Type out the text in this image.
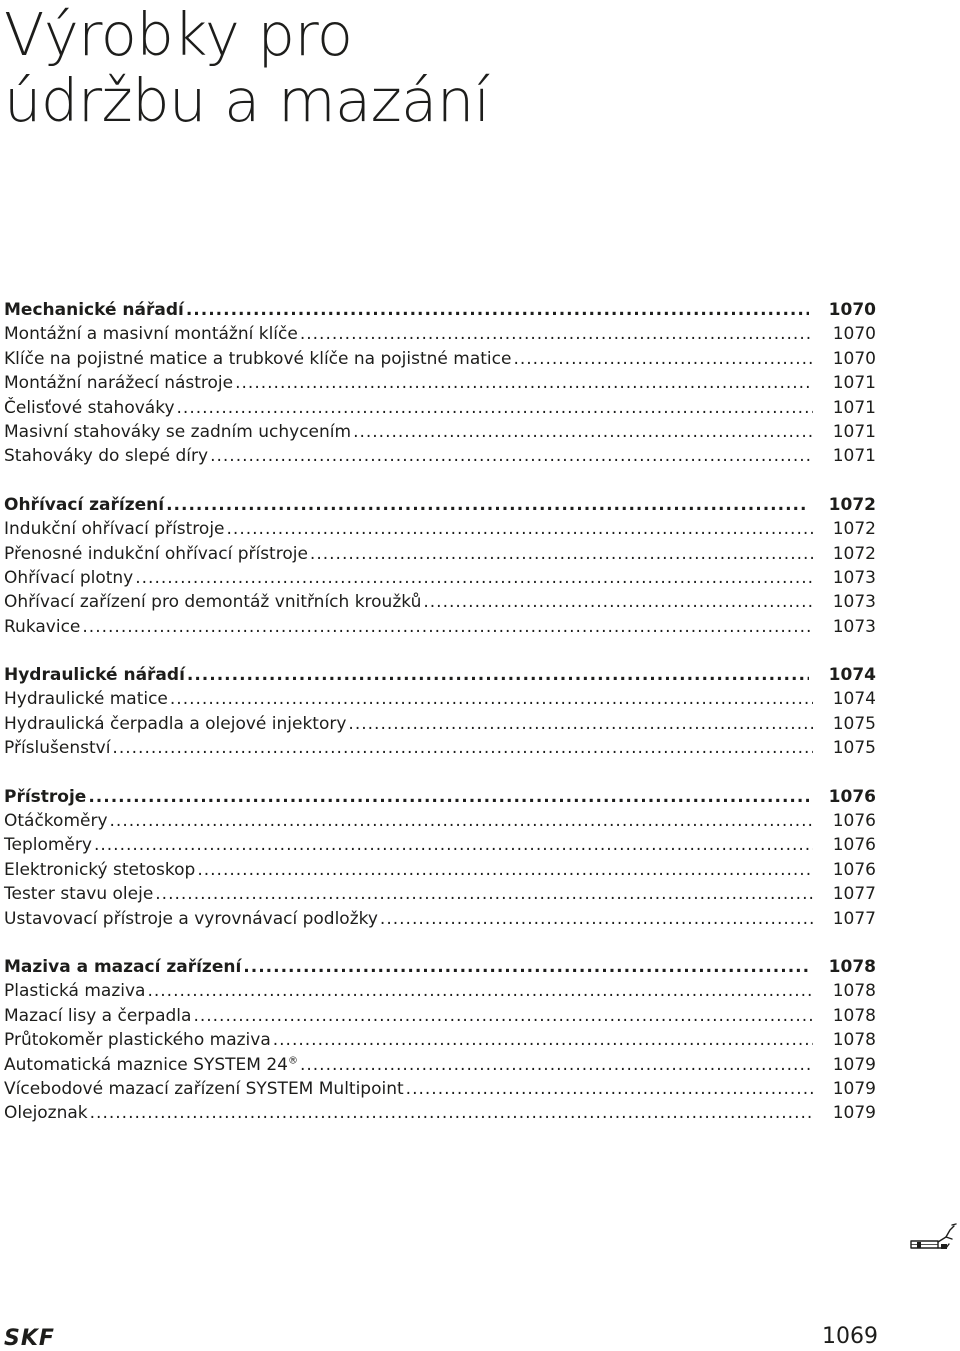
Výrobky pro
údržbu a mazání
Mechanické nářadí .....	1070
Montážní a masivní montážní klíče .....	1070
Klíče na pojistné matice a trubkové klíče na pojistné matice .....	1070
Montážní narážecí nástroje .....	1071
Čelisťové stahováky .....	1071
Masivní stahováky se zadním uchycením .....	1071
Stahováky do slepé díry .....	1071
Ohřívací zařízení .....	1072
Indukční ohřívací přístroje .....	1072
Přenosné indukční ohřívací přístroje .....	1072
Ohřívací plotny .....	1073
Ohřívací zařízení pro demontáž vnitřních kroužků .....	1073
Rukavice .....	1073
Hydraulické nářadí .....	1074
Hydraulické matice .....	1074
Hydraulická čerpadla a olejové injektory .....	1075
Příslušenství .....	1075
Přístroje .....	1076
Otáčkoměry .....	1076
Teploměry .....	1076
Elektronický stetoskop .....	1076
Tester stavu oleje .....	1077
Ustavovací přístroje a vyrovnávací podložky .....	1077
Maziva a mazací zařízení .....	1078
Plastická maziva .....	1078
Mazací lisy a čerpadla .....	1078
Průtokoměr plastického maziva .....	1078
Automatická maznice SYSTEM 24® .....	1079
Vícebodové mazací zařízení SYSTEM Multipoint .....	1079
Olejoznak .....	1079
SKF	1069
